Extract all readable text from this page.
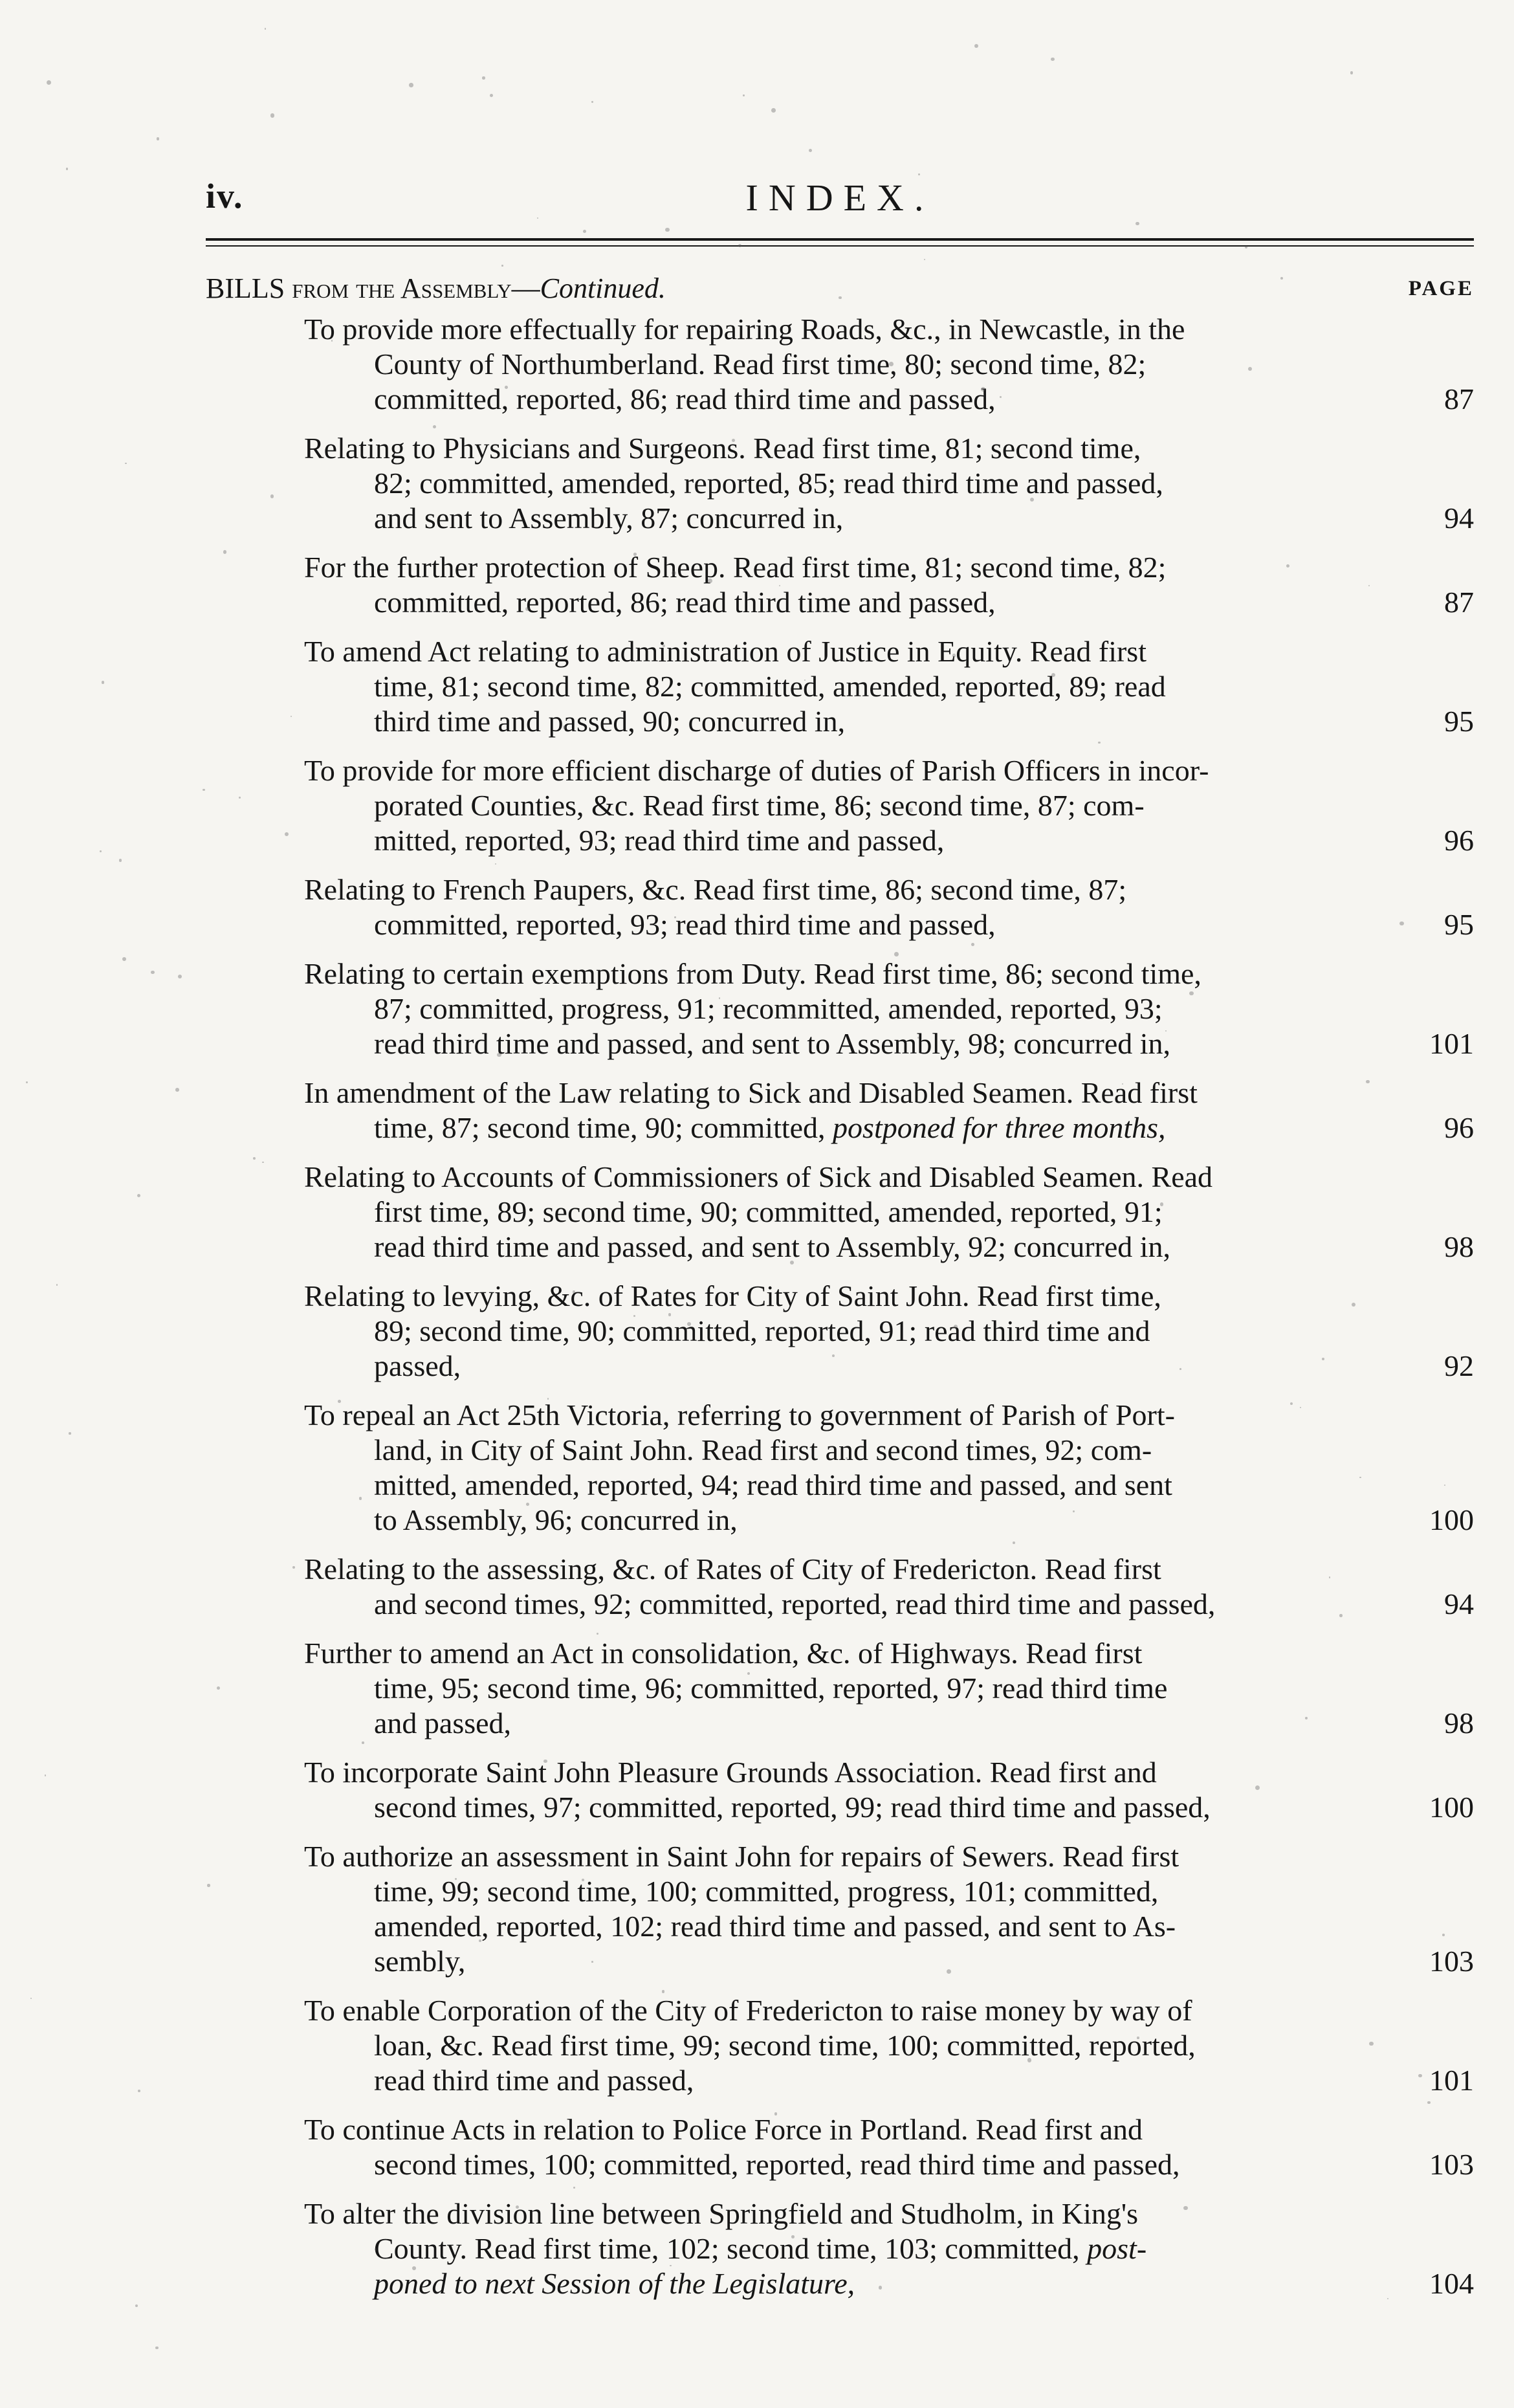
iv.	INDEX.
BILLS from the Assembly—Continued.	PAGE
To provide more effectually for repairing Roads, &c., in Newcastle, in the
County of Northumberland. Read first time, 80; second time, 82;
committed, reported, 86; read third time and passed,	87
Relating to Physicians and Surgeons. Read first time, 81; second time,
82; committed, amended, reported, 85; read third time and passed,
and sent to Assembly, 87; concurred in,	94
For the further protection of Sheep. Read first time, 81; second time, 82;
committed, reported, 86; read third time and passed,	87
To amend Act relating to administration of Justice in Equity. Read first
time, 81; second time, 82; committed, amended, reported, 89; read
third time and passed, 90; concurred in,	95
To provide for more efficient discharge of duties of Parish Officers in incor-
porated Counties, &c. Read first time, 86; second time, 87; com-
mitted, reported, 93; read third time and passed,	96
Relating to French Paupers, &c. Read first time, 86; second time, 87;
committed, reported, 93; read third time and passed,	95
Relating to certain exemptions from Duty. Read first time, 86; second time,
87; committed, progress, 91; recommitted, amended, reported, 93;
read third time and passed, and sent to Assembly, 98; concurred in,	101
In amendment of the Law relating to Sick and Disabled Seamen. Read first
time, 87; second time, 90; committed, postponed for three months,	96
Relating to Accounts of Commissioners of Sick and Disabled Seamen. Read
first time, 89; second time, 90; committed, amended, reported, 91;
read third time and passed, and sent to Assembly, 92; concurred in,	98
Relating to levying, &c. of Rates for City of Saint John. Read first time,
89; second time, 90; committed, reported, 91; read third time and
passed,	92
To repeal an Act 25th Victoria, referring to government of Parish of Port-
land, in City of Saint John. Read first and second times, 92; com-
mitted, amended, reported, 94; read third time and passed, and sent
to Assembly, 96; concurred in,	100
Relating to the assessing, &c. of Rates of City of Fredericton. Read first
and second times, 92; committed, reported, read third time and passed,	94
Further to amend an Act in consolidation, &c. of Highways. Read first
time, 95; second time, 96; committed, reported, 97; read third time
and passed,	98
To incorporate Saint John Pleasure Grounds Association. Read first and
second times, 97; committed, reported, 99; read third time and passed,	100
To authorize an assessment in Saint John for repairs of Sewers. Read first
time, 99; second time, 100; committed, progress, 101; committed,
amended, reported, 102; read third time and passed, and sent to As-
sembly,	103
To enable Corporation of the City of Fredericton to raise money by way of
loan, &c. Read first time, 99; second time, 100; committed, reported,
read third time and passed,	101
To continue Acts in relation to Police Force in Portland. Read first and
second times, 100; committed, reported, read third time and passed,	103
To alter the division line between Springfield and Studholm, in King's
County. Read first time, 102; second time, 103; committed, post-
poned to next Session of the Legislature,	104
